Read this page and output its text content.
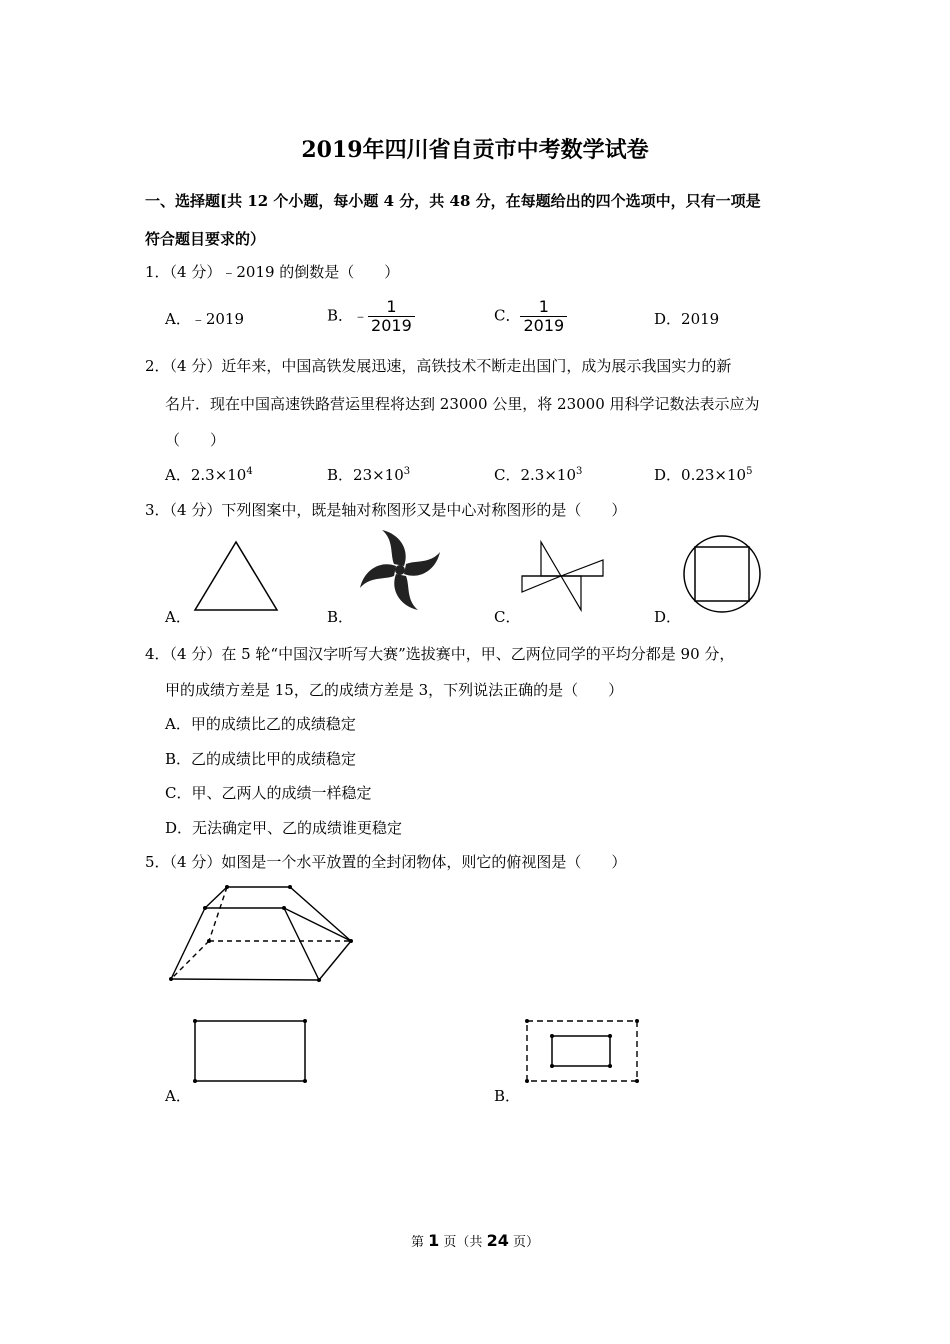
2019年四川省自贡市中考数学试卷
一、选择题[共 12 个小题，每小题 4 分，共 48 分，在每题给出的四个选项中，只有一项是
符合题目要求的）
1．（4 分）﹣2019 的倒数是（　　）
A．﹣2019	B．﹣ $\frac{1}{2019}$	C． $\frac{1}{2019}$	D．2019
2．（4 分）近年来，中国高铁发展迅速，高铁技术不断走出国门，成为展示我国实力的新
名片．现在中国高速铁路营运里程将达到 23000 公里，将 23000 用科学记数法表示应为
（　　）
A．$2.3\times 10^4$	B．$23\times 10^3$	C．$2.3\times 10^3$	D．$0.23\times 10^5$
3．（4 分）下列图案中，既是轴对称图形又是中心对称图形的是（　　）
A．	B．	C．	D．
4．（4 分）在 5 轮“中国汉字听写大赛”选拔赛中，甲、乙两位同学的平均分都是 90 分，
甲的成绩方差是 15，乙的成绩方差是 3，下列说法正确的是（　　）
A．甲的成绩比乙的成绩稳定
B．乙的成绩比甲的成绩稳定
C．甲、乙两人的成绩一样稳定
D．无法确定甲、乙的成绩谁更稳定
5．（4 分）如图是一个水平放置的全封闭物体，则它的俯视图是（　　）
A．	B．
第 1 页（共 24 页）
